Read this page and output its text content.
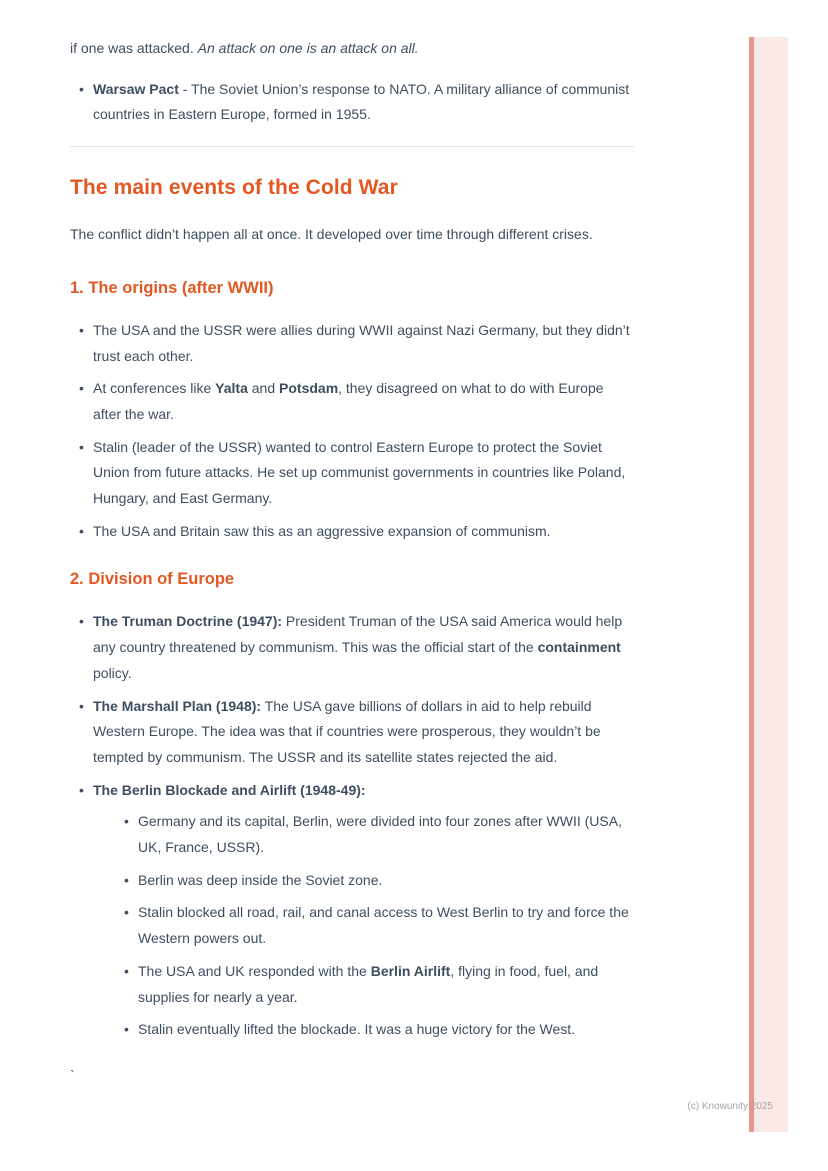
if one was attacked. An attack on one is an attack on all.

• Warsaw Pact - The Soviet Union’s response to NATO. A military alliance of communist countries in Eastern Europe, formed in 1955.
The main events of the Cold War

The conflict didn’t happen all at once. It developed over time through different crises.

1. The origins (after WWII)
• The USA and the USSR were allies during WWII against Nazi Germany, but they didn’t trust each other.
• At conferences like Yalta and Potsdam, they disagreed on what to do with Europe after the war.
• Stalin (leader of the USSR) wanted to control Eastern Europe to protect the Soviet Union from future attacks. He set up communist governments in countries like Poland, Hungary, and East Germany.
• The USA and Britain saw this as an aggressive expansion of communism.
2. Division of Europe
• The Truman Doctrine (1947): President Truman of the USA said America would help any country threatened by communism. This was the official start of the containment policy.
• The Marshall Plan (1948): The USA gave billions of dollars in aid to help rebuild Western Europe. The idea was that if countries were prosperous, they wouldn’t be tempted by communism. The USSR and its satellite states rejected the aid.
• The Berlin Blockade and Airlift (1948-49):
• Germany and its capital, Berlin, were divided into four zones after WWII (USA, UK, France, USSR).
• Berlin was deep inside the Soviet zone.
• Stalin blocked all road, rail, and canal access to West Berlin to try and force the Western powers out.
• The USA and UK responded with the Berlin Airlift, flying in food, fuel, and supplies for nearly a year.
• Stalin eventually lifted the blockade. It was a huge victory for the West.
`
(c) Knowunity 2025
